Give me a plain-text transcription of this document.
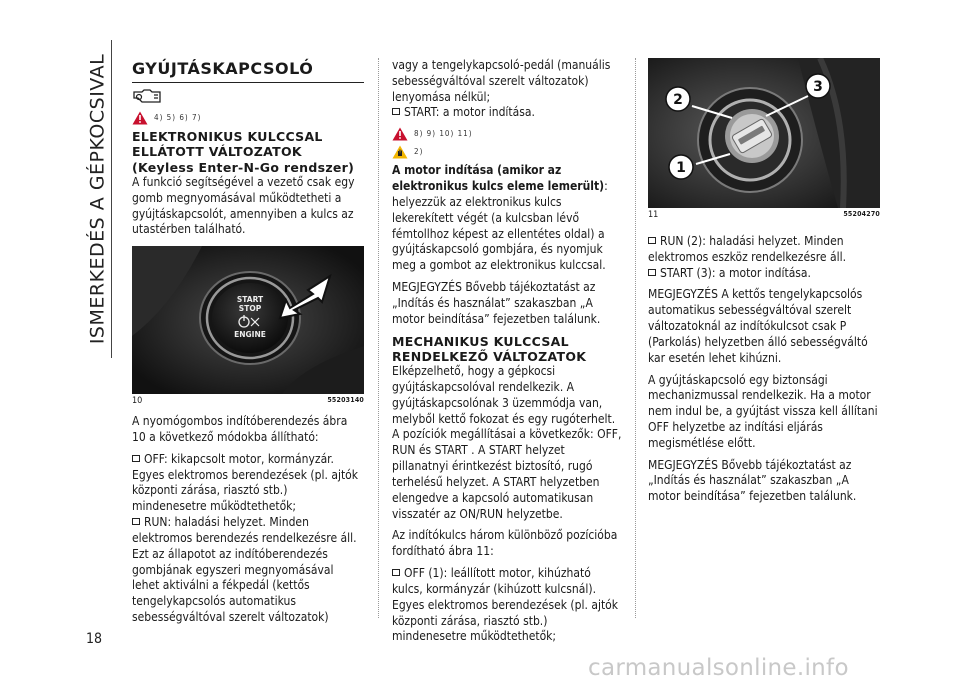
ISMERKEDÉS A GÉPKOCSIVAL
18
carmanualsonline.info
GYÚJTÁSKAPCSOLÓ
4) 5) 6) 7)
ELEKTRONIKUS KULCCSAL ELLÁTOTT VÁLTOZATOK (Keyless Enter-N-Go rendszer)

A funkció segítségével a vezető csak egy gomb megnyomásával működtetheti a gyújtáskapcsolót, amennyiben a kulcs az utastérben található.

START
STOP
ENGINE
10	55203140

A nyomógombos indítóberendezés ábra 10 a következő módokba állítható:

OFF: kikapcsolt motor, kormányzár. Egyes elektromos berendezések (pl. ajtók központi zárása, riasztó stb.) mindenesetre működtethetők;

RUN: haladási helyzet. Minden elektromos berendezés rendelkezésre áll. Ezt az állapotot az indítóberendezés gombjának egyszeri megnyomásával lehet aktiválni a fékpedál (kettős tengelykapcsolós automatikus sebességváltóval szerelt változatok)

vagy a tengelykapcsoló-pedál (manuális sebességváltóval szerelt változatok) lenyomása nélkül;

START: a motor indítása.

8) 9) 10) 11)
2)

A motor indítása (amikor az elektronikus kulcs eleme lemerült): helyezzük az elektronikus kulcs lekerekített végét (a kulcsban lévő fémtollhoz képest az ellentétes oldal) a gyújtáskapcsoló gombjára, és nyomjuk meg a gombot az elektronikus kulccsal.

MEGJEGYZÉS Bővebb tájékoztatást az „Indítás és használat” szakaszban „A motor beindítása” fejezetben találunk.

MECHANIKUS KULCCSAL RENDELKEZŐ VÁLTOZATOK

Elképzelhető, hogy a gépkocsi gyújtáskapcsolóval rendelkezik. A gyújtáskapcsolónak 3 üzemmódja van, melyből kettő fokozat és egy rugóterhelt. A pozíciók megállításai a következők: OFF, RUN és START . A START helyzet pillanatnyi érintkezést biztosító, rugó terhelésű helyzet. A START helyzetben elengedve a kapcsoló automatikusan visszatér az ON/RUN helyzetbe.

Az indítókulcs három különböző pozícióba fordítható ábra 11:

OFF (1): leállított motor, kihúzható kulcs, kormányzár (kihúzott kulcsnál). Egyes elektromos berendezések (pl. ajtók központi zárása, riasztó stb.) mindenesetre működtethetők;

1
2
3
11	55204270

RUN (2): haladási helyzet. Minden elektromos eszköz rendelkezésre áll.

START (3): a motor indítása.

MEGJEGYZÉS A kettős tengelykapcsolós automatikus sebességváltóval szerelt változatoknál az indítókulcsot csak P (Parkolás) helyzetben álló sebességváltó kar esetén lehet kihúzni.

A gyújtáskapcsoló egy biztonsági mechanizmussal rendelkezik. Ha a motor nem indul be, a gyújtást vissza kell állítani OFF helyzetbe az indítási eljárás megismétlése előtt.

MEGJEGYZÉS Bővebb tájékoztatást az „Indítás és használat” szakaszban „A motor beindítása” fejezetben találunk.
